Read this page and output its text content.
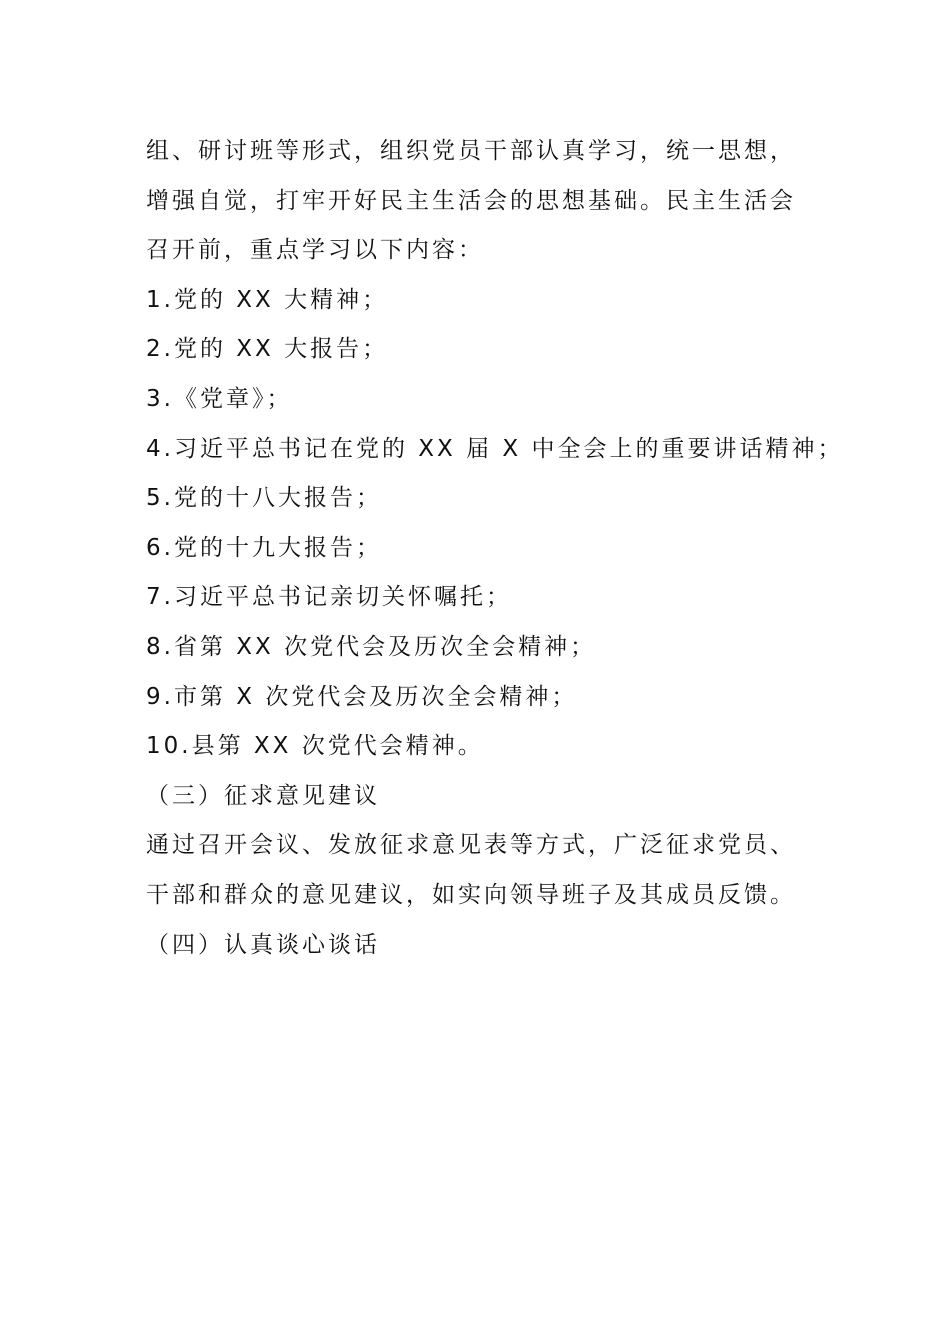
组、研讨班等形式，组织党员干部认真学习，统一思想，
增强自觉，打牢开好民主生活会的思想基础。民主生活会
召开前，重点学习以下内容：
1.党的 XX 大精神；
2.党的 XX 大报告；
3.《党章》；
4.习近平总书记在党的 XX 届 X 中全会上的重要讲话精神；
5.党的十八大报告；
6.党的十九大报告；
7.习近平总书记亲切关怀嘱托；
8.省第 XX 次党代会及历次全会精神；
9.市第 X 次党代会及历次全会精神；
10.县第 XX 次党代会精神。
（三）征求意见建议
通过召开会议、发放征求意见表等方式，广泛征求党员、
干部和群众的意见建议，如实向领导班子及其成员反馈。
（四）认真谈心谈话
